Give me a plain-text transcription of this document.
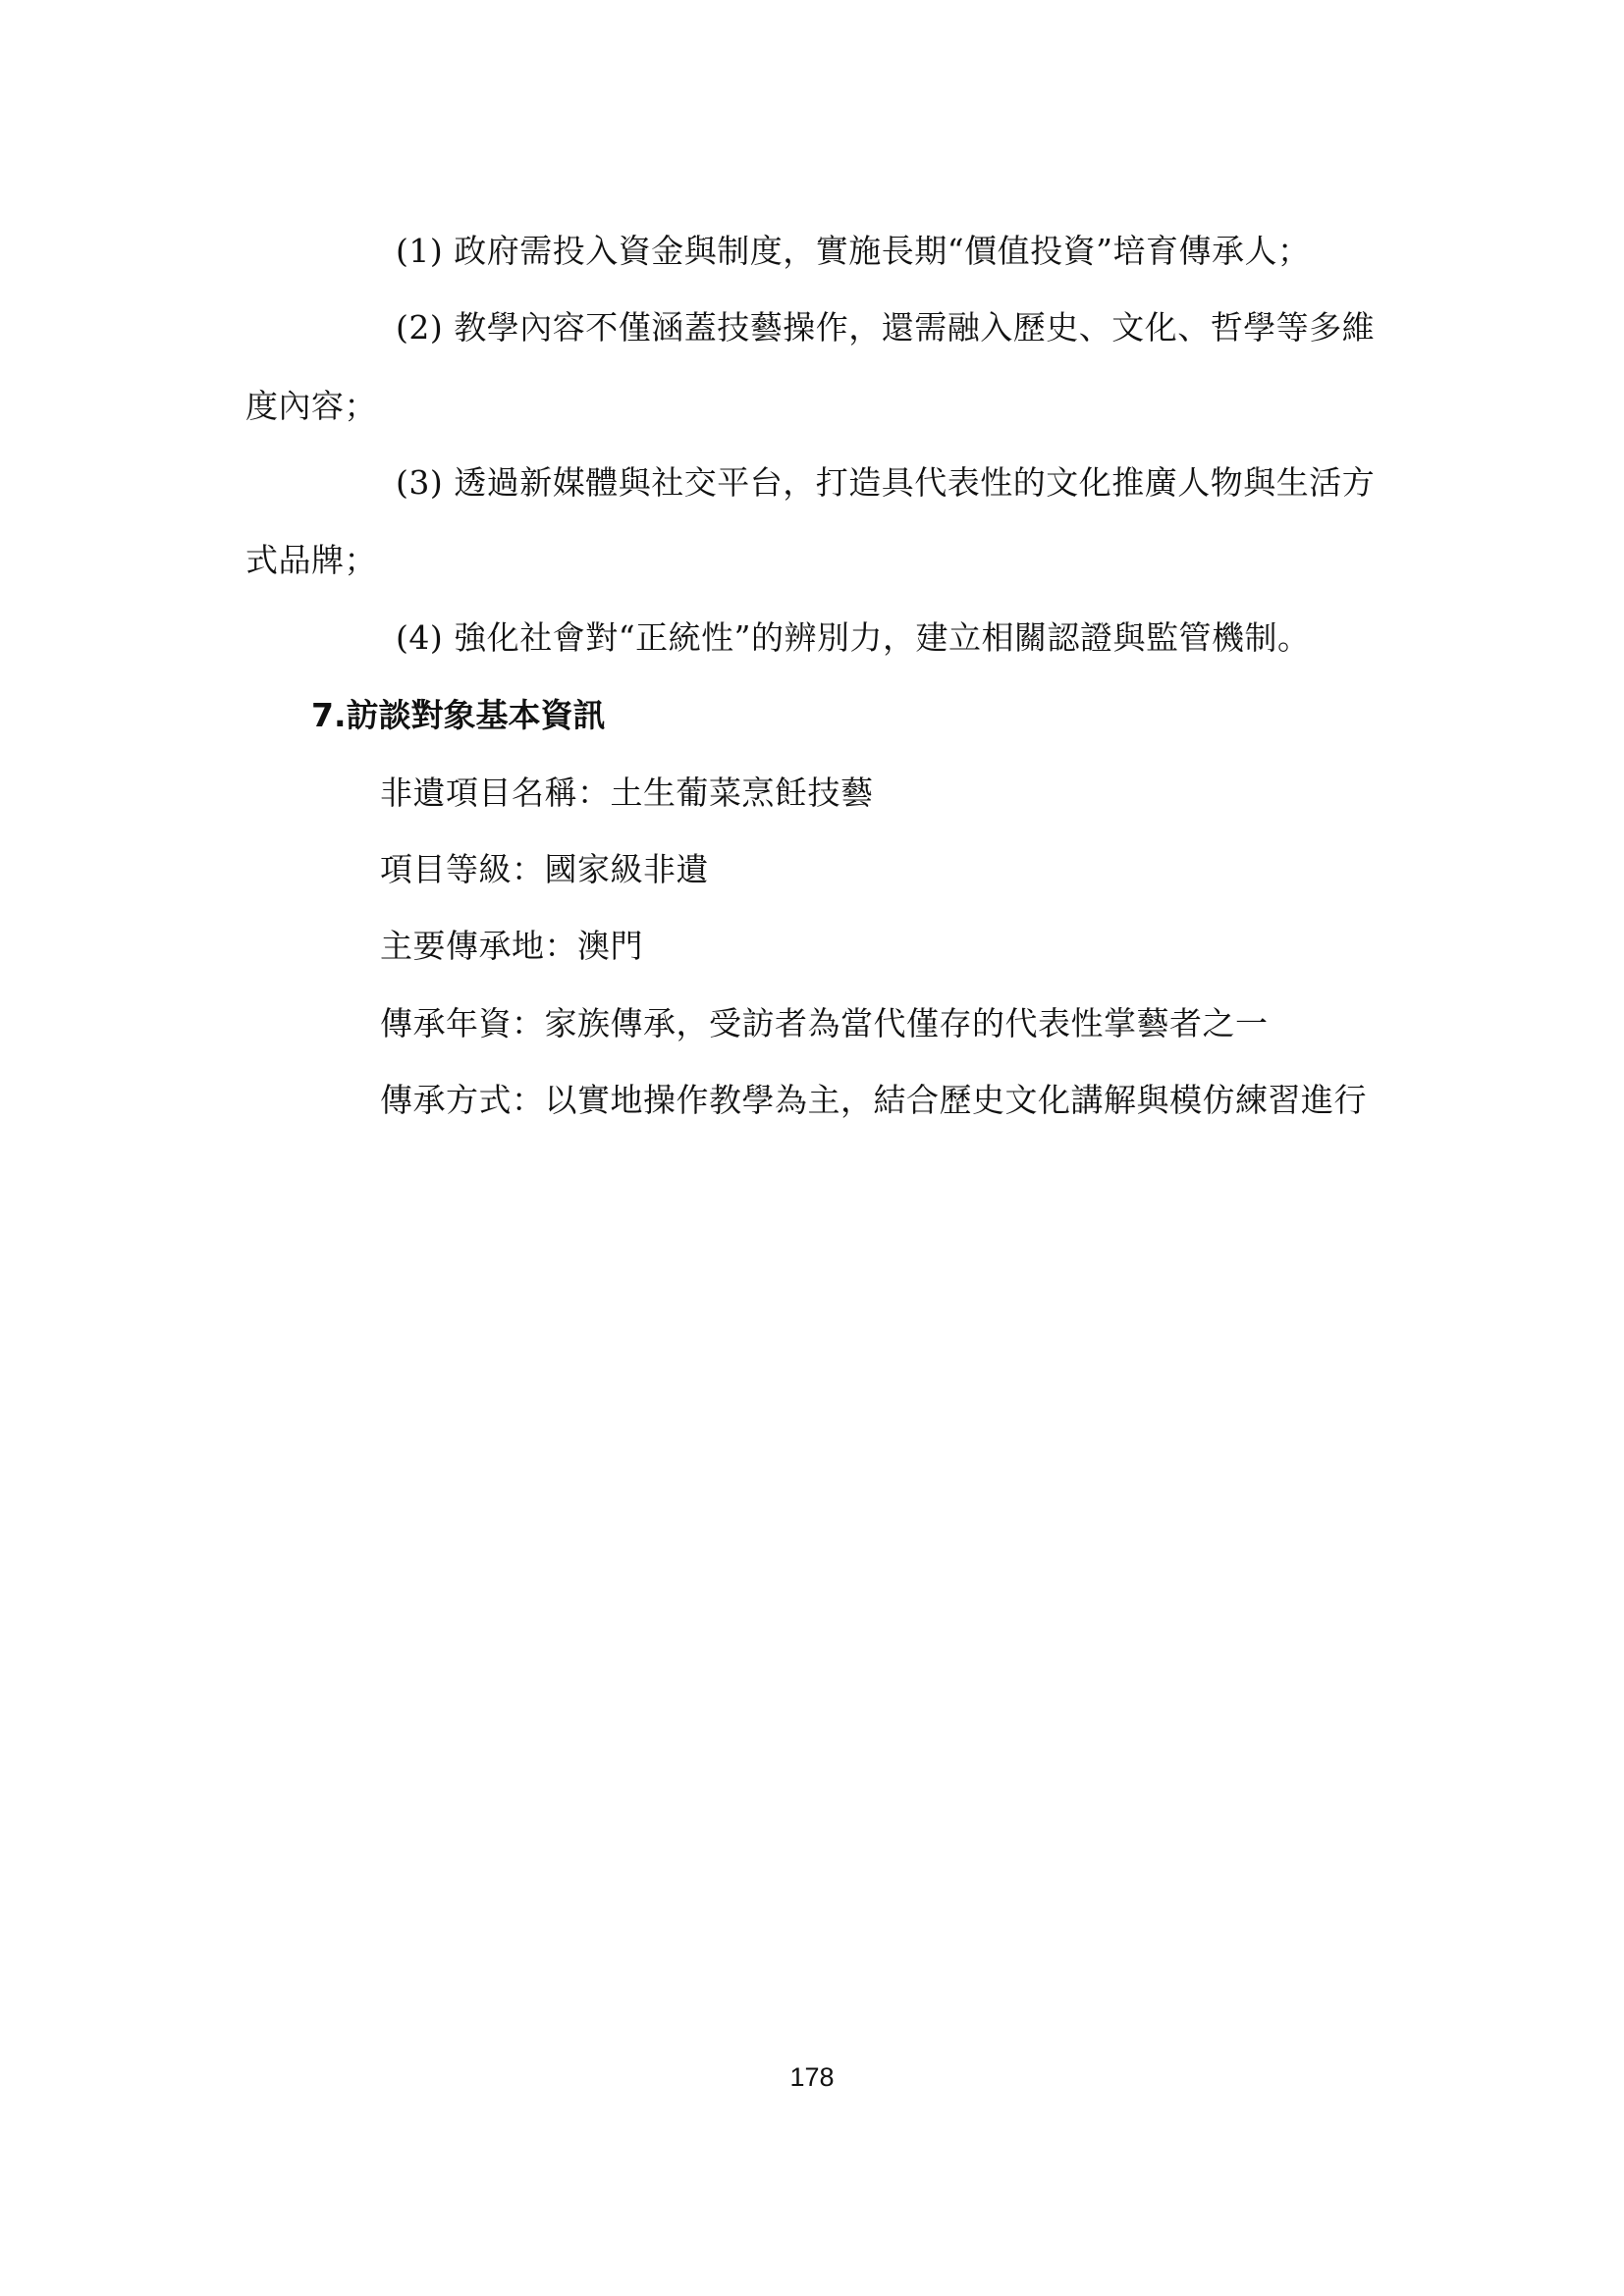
(1) 政府需投入資金與制度，實施長期“價值投資”培育傳承人；
(2) 教學內容不僅涵蓋技藝操作，還需融入歷史、文化、哲學等多維
度內容；
(3) 透過新媒體與社交平台，打造具代表性的文化推廣人物與生活方
式品牌；
(4) 強化社會對“正統性”的辨別力，建立相關認證與監管機制。
7.訪談對象基本資訊
非遺項目名稱：土生葡菜烹飪技藝
項目等級：國家級非遺
主要傳承地：澳門
傳承年資：家族傳承，受訪者為當代僅存的代表性掌藝者之一
傳承方式：以實地操作教學為主，結合歷史文化講解與模仿練習進行
178
